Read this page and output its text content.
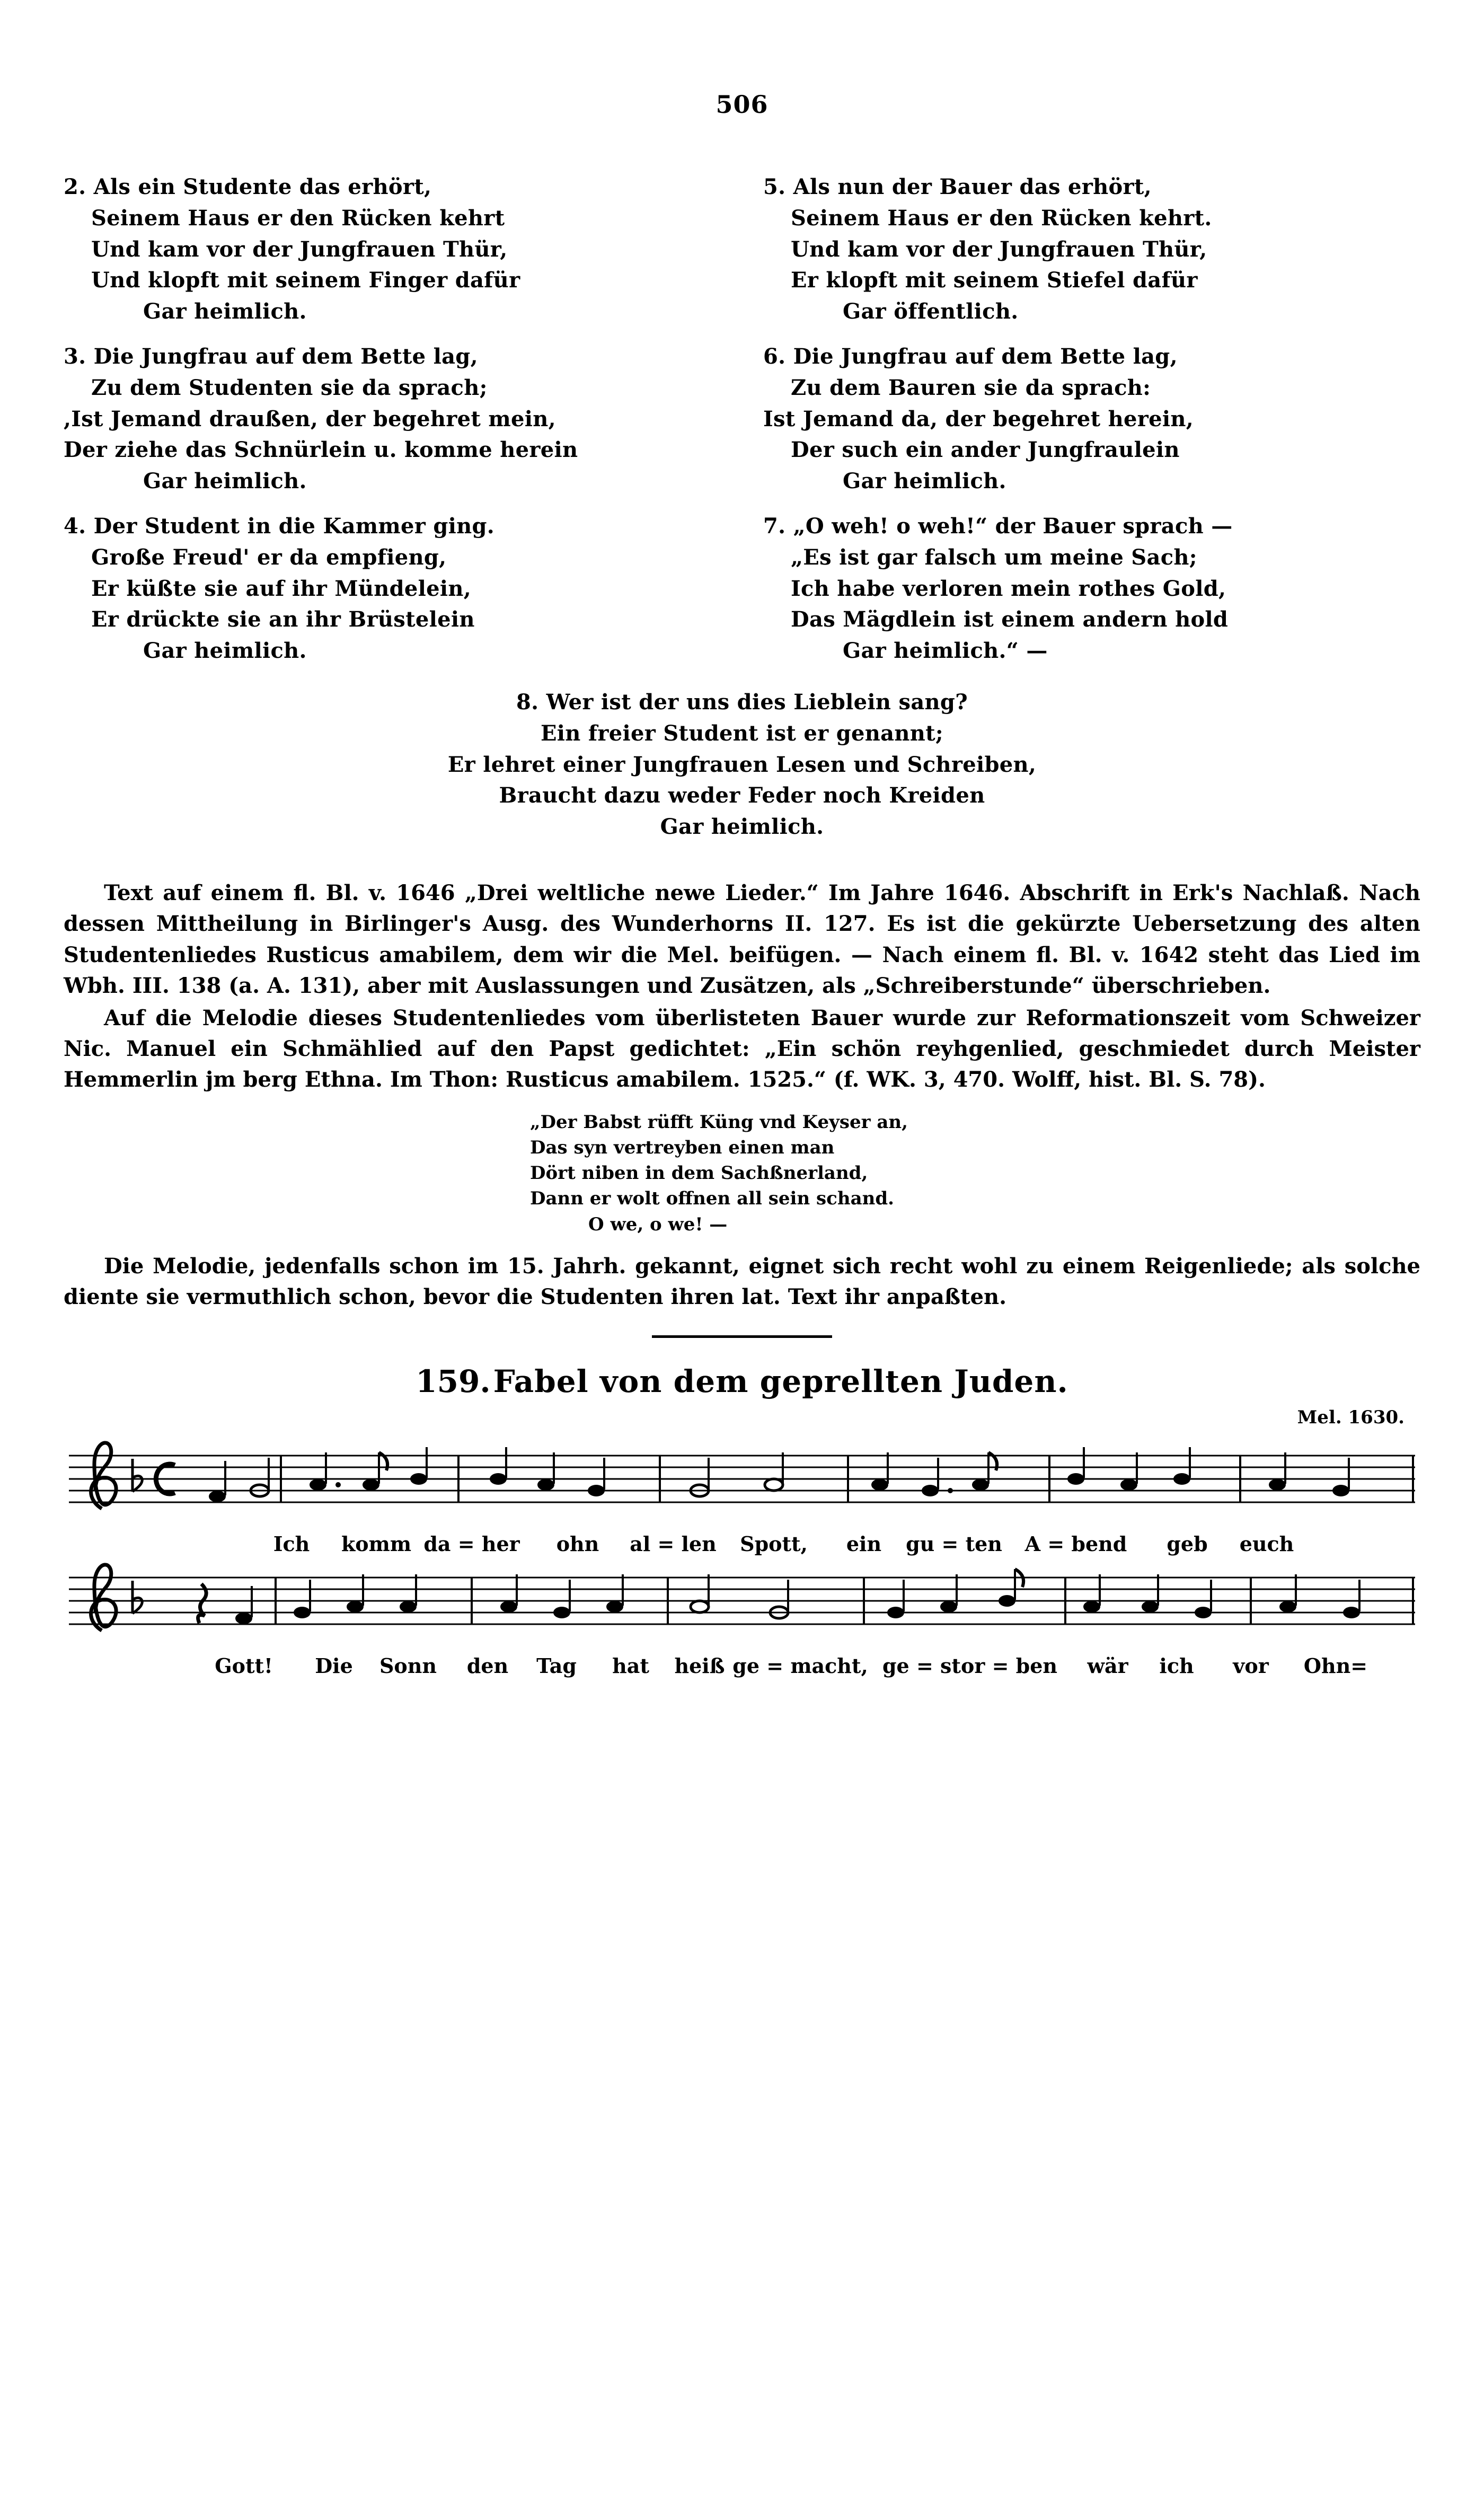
506
2. Als ein Studente das erhört,
Seinem Haus er den Rücken kehrt
Und kam vor der Jungfrauen Thür,
Und klopft mit seinem Finger dafür
Gar heimlich.
3. Die Jungfrau auf dem Bette lag,
Zu dem Studenten sie da sprach;
,Ist Jemand draußen, der begehret mein,
Der ziehe das Schnürlein u. komme herein
Gar heimlich.
4. Der Student in die Kammer ging.
Große Freud' er da empfieng,
Er küßte sie auf ihr Mündelein,
Er drückte sie an ihr Brüstelein
Gar heimlich.
5. Als nun der Bauer das erhört,
Seinem Haus er den Rücken kehrt.
Und kam vor der Jungfrauen Thür,
Er klopft mit seinem Stiefel dafür
Gar öffentlich.
6. Die Jungfrau auf dem Bette lag,
Zu dem Bauren sie da sprach:
Ist Jemand da, der begehret herein,
Der such ein ander Jungfraulein
Gar heimlich.
7. „O weh! o weh!“ der Bauer sprach —
„Es ist gar falsch um meine Sach;
Ich habe verloren mein rothes Gold,
Das Mägdlein ist einem andern hold
Gar heimlich.“ —
8. Wer ist der uns dies Lieblein sang?
Ein freier Student ist er genannt;
Er lehret einer Jungfrauen Lesen und Schreiben,
Braucht dazu weder Feder noch Kreiden
Gar heimlich.

Text auf einem fl. Bl. v. 1646 „Drei weltliche newe Lieder.“ Im Jahre 1646. Abschrift in Erk's Nachlaß. Nach dessen Mittheilung in Birlinger's Ausg. des Wunderhorns II. 127. Es ist die gekürzte Uebersetzung des alten Studentenliedes Rusticus amabilem, dem wir die Mel. beifügen. — Nach einem fl. Bl. v. 1642 steht das Lied im Wbh. III. 138 (a. A. 131), aber mit Auslassungen und Zusätzen, als „Schreiberstunde“ überschrieben.

Auf die Melodie dieses Studentenliedes vom überlisteten Bauer wurde zur Reformationszeit vom Schweizer Nic. Manuel ein Schmählied auf den Papst gedichtet: „Ein schön reyhgenlied, geschmiedet durch Meister Hemmerlin jm berg Ethna. Im Thon: Rusticus amabilem. 1525.“ (f. WK. 3, 470. Wolff, hist. Bl. S. 78).

„Der Babst rüfft Küng vnd Keyser an,
Das syn vertreyben einen man
Dört niben in dem Sachßnerland,
Dann er wolt offnen all sein schand.
O we, o we! —

Die Melodie, jedenfalls schon im 15. Jahrh. gekannt, eignet sich recht wohl zu einem Reigenliede; als solche diente sie vermuthlich schon, bevor die Studenten ihren lat. Text ihr anpaßten.

159. Fabel von dem geprellten Juden.
Mel. 1630.
Ich komm da = her ohn al = len Spott, ein gu = ten A = bend geb euch
Gott! Die Sonn den Tag hat heiß ge = macht, ge = stor = ben wär ich vor Ohn=
